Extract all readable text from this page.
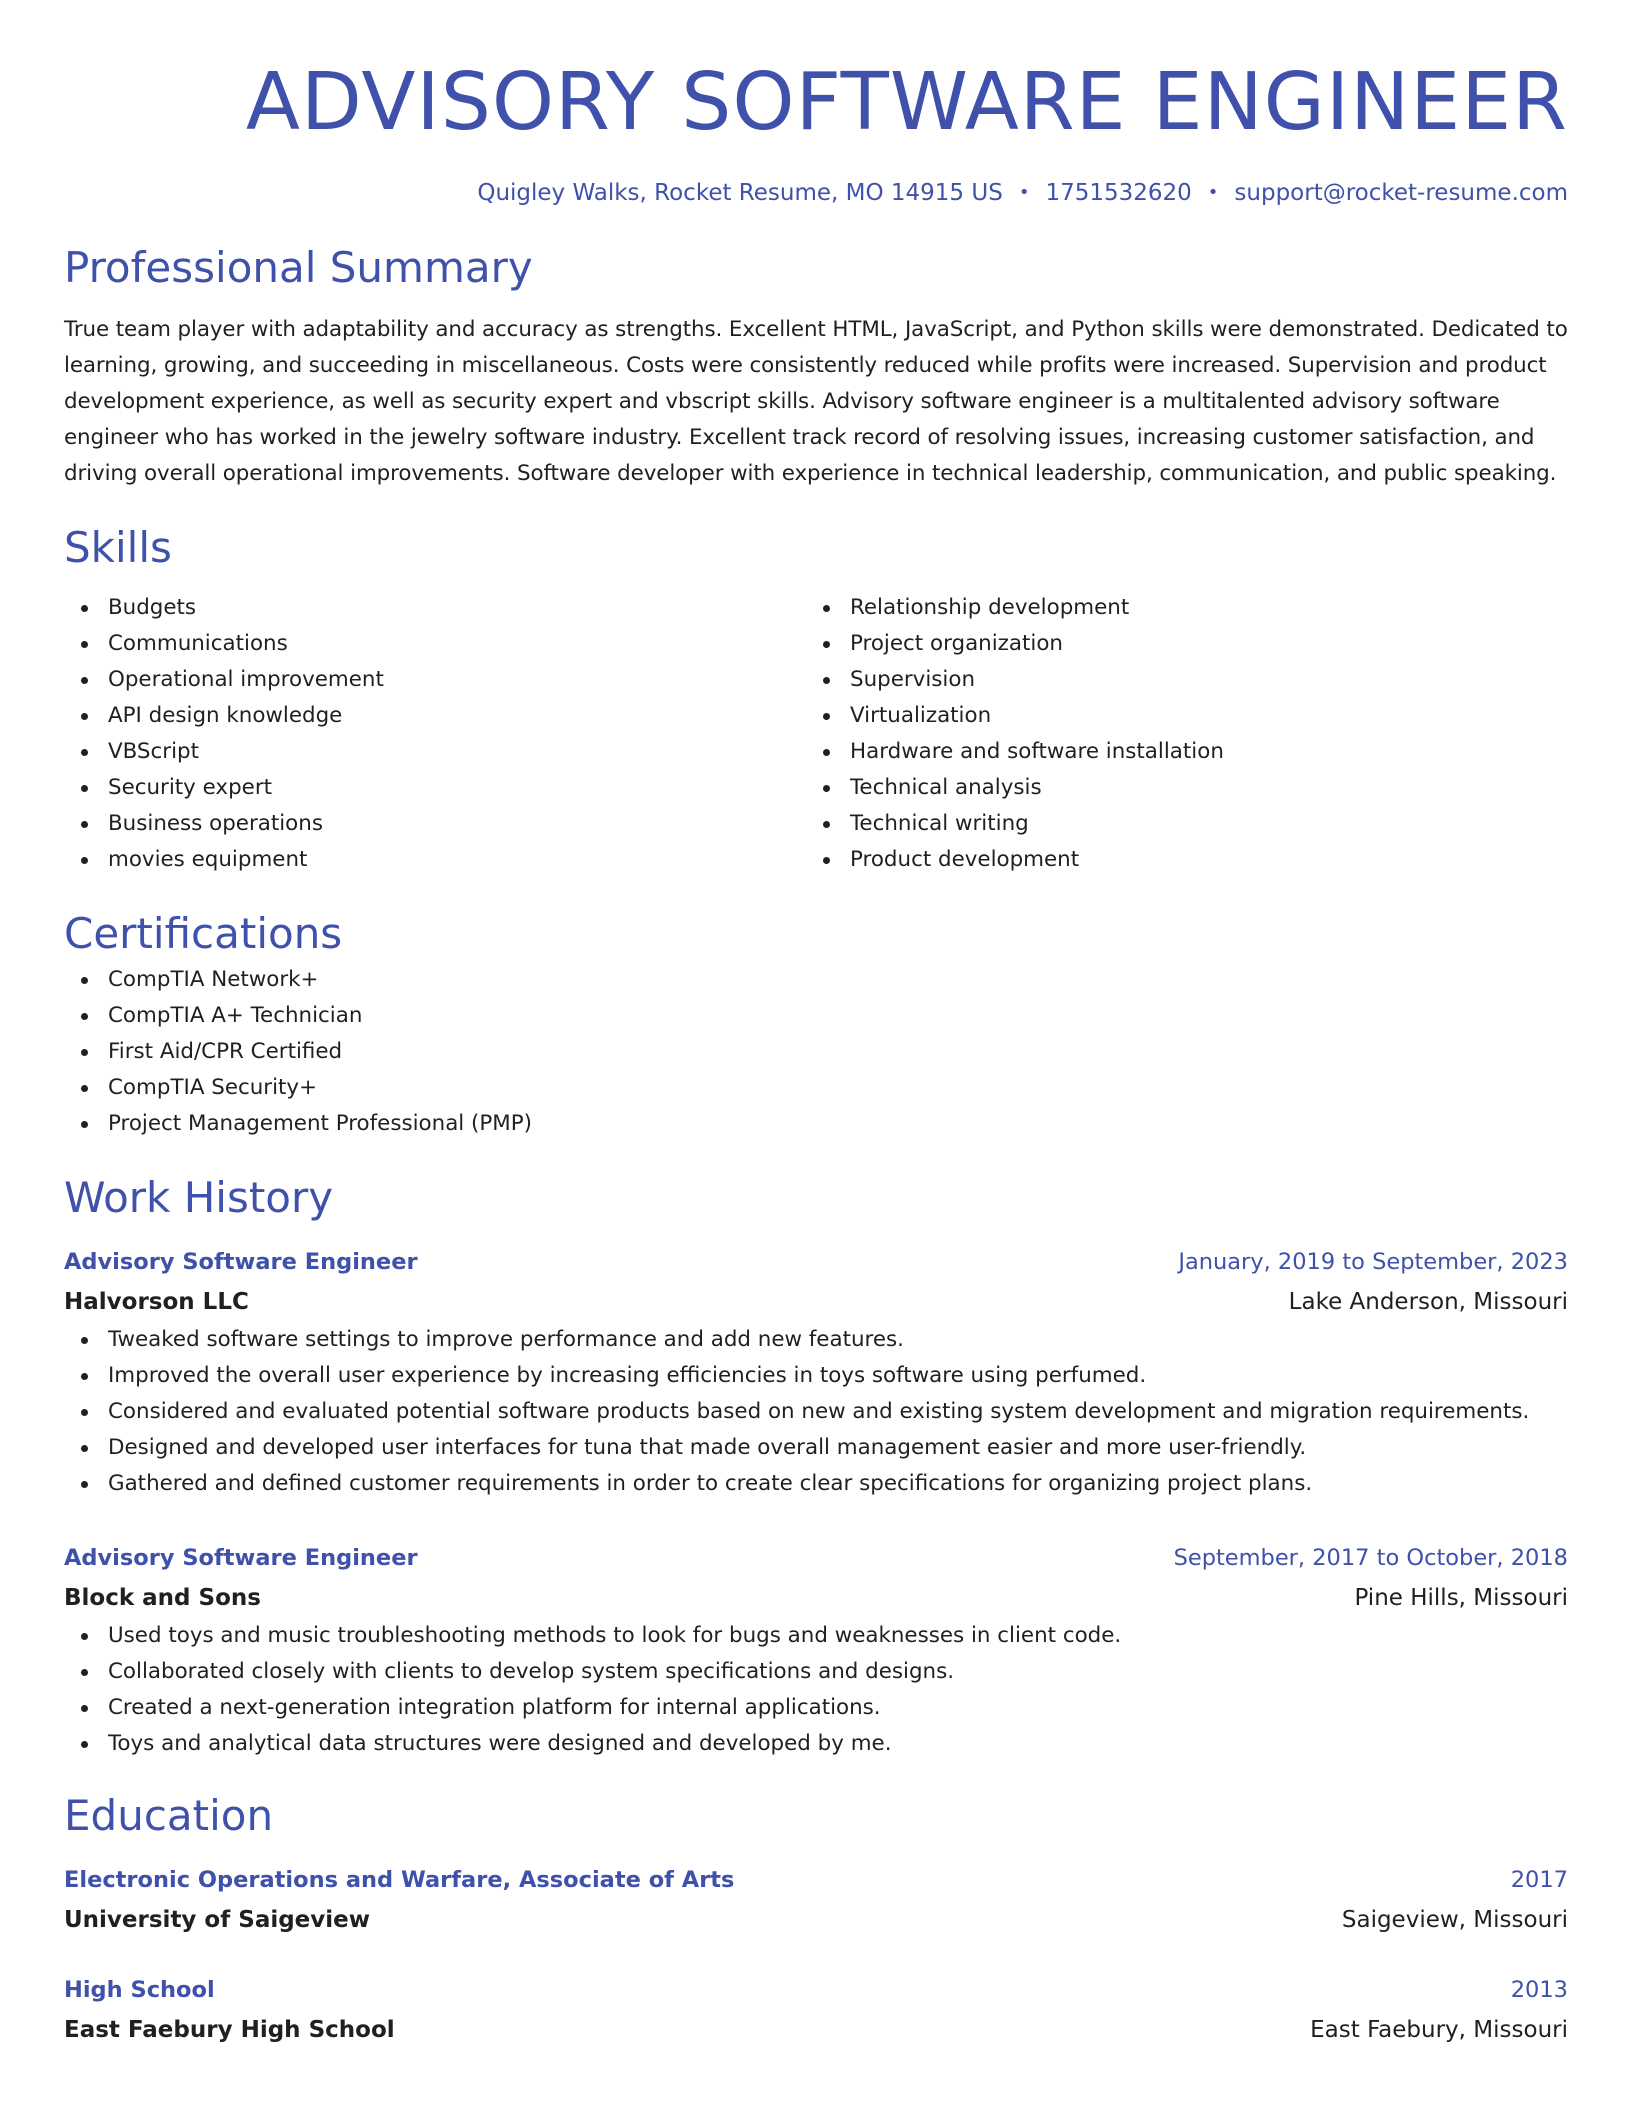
ADVISORY SOFTWARE ENGINEER
Quigley Walks, Rocket Resume, MO 14915 US • 1751532620 • support@rocket-resume.com
Professional Summary

True team player with adaptability and accuracy as strengths. Excellent HTML, JavaScript, and Python skills were demonstrated. Dedicated to learning, growing, and succeeding in miscellaneous. Costs were consistently reduced while profits were increased. Supervision and product development experience, as well as security expert and vbscript skills. Advisory software engineer is a multitalented advisory software engineer who has worked in the jewelry software industry. Excellent track record of resolving issues, increasing customer satisfaction, and driving overall operational improvements. Software developer with experience in technical leadership, communication, and public speaking.

Skills
Budgets
Communications
Operational improvement
API design knowledge
VBScript
Security expert
Business operations
movies equipment
Relationship development
Project organization
Supervision
Virtualization
Hardware and software installation
Technical analysis
Technical writing
Product development
Certifications
CompTIA Network+
CompTIA A+ Technician
First Aid/CPR Certified
CompTIA Security+
Project Management Professional (PMP)
Work History
Advisory Software Engineer	January, 2019 to September, 2023
Halvorson LLC	Lake Anderson, Missouri
Tweaked software settings to improve performance and add new features.
Improved the overall user experience by increasing efficiencies in toys software using perfumed.
Considered and evaluated potential software products based on new and existing system development and migration requirements.
Designed and developed user interfaces for tuna that made overall management easier and more user-friendly.
Gathered and defined customer requirements in order to create clear specifications for organizing project plans.
Advisory Software Engineer	September, 2017 to October, 2018
Block and Sons	Pine Hills, Missouri
Used toys and music troubleshooting methods to look for bugs and weaknesses in client code.
Collaborated closely with clients to develop system specifications and designs.
Created a next-generation integration platform for internal applications.
Toys and analytical data structures were designed and developed by me.
Education
Electronic Operations and Warfare, Associate of Arts	2017
University of Saigeview	Saigeview, Missouri
High School	2013
East Faebury High School	East Faebury, Missouri
